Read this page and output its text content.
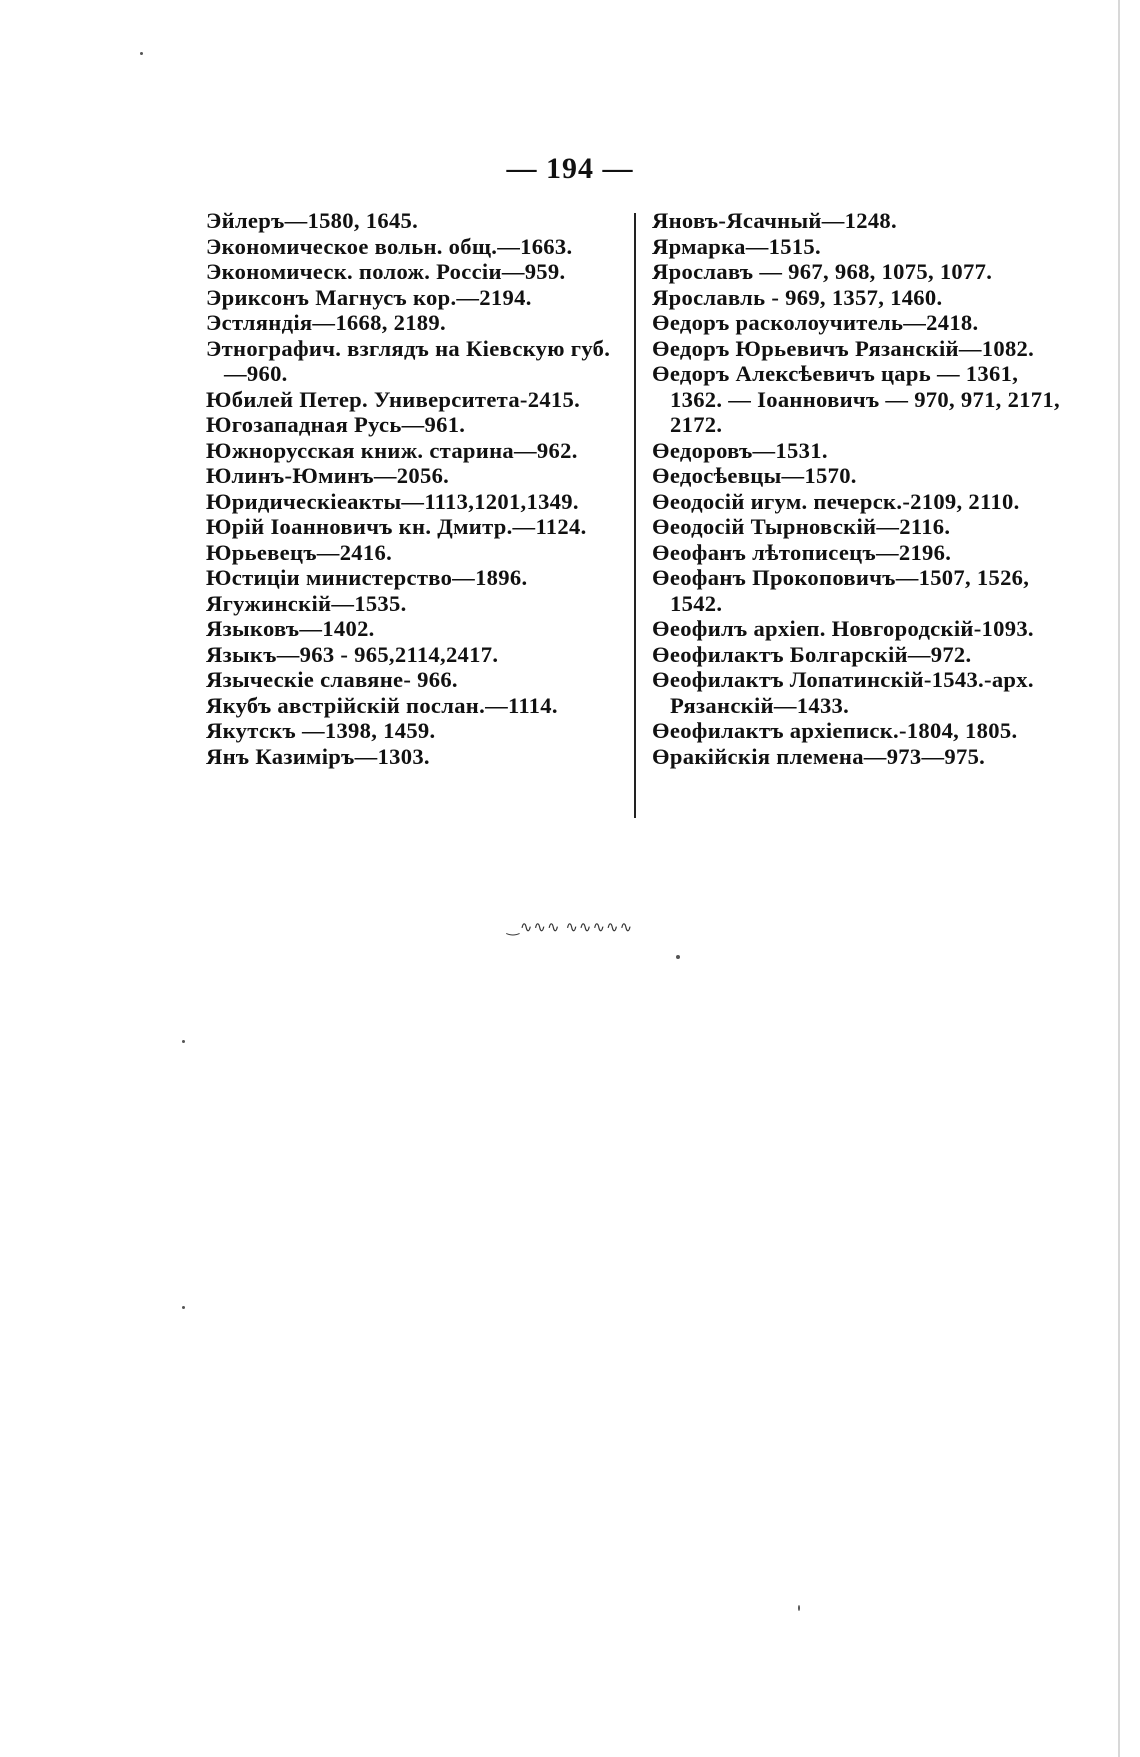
— 194 —
Эйлеръ—1580, 1645.
Экономическое вольн. общ.—1663.
Экономическ. полож. Россiи—959.
Эриксонъ Магнусъ кор.—2194.
Эстляндiя—1668, 2189.
Этнографич. взглядъ на Кiевскую губ.—960.
Юбилей Петер. Университета-2415.
Югозападная Русь—961.
Южнорусская книж. старина—962.
Юлинъ-Юминъ—2056.
Юридическiеакты—1113,1201,1349.
Юрiй Iоанновичъ кн. Дмитр.—1124.
Юрьевецъ—2416.
Юстицiи министерство—1896.
Ягужинскiй—1535.
Языковъ—1402.
Языкъ—963 - 965,2114,2417.
Языческiе славяне- 966.
Якубъ австрiйскiй послан.—1114.
Якутскъ —1398, 1459.
Янъ Казимiръ—1303.
Яновъ-Ясачный—1248.
Ярмарка—1515.
Ярославъ — 967, 968, 1075, 1077.
Ярославль - 969, 1357, 1460.
Өедоръ расколоучитель—2418.
Өедоръ Юрьевичъ Рязанскiй—1082.
Өедоръ Алексѣевичъ царь — 1361, 1362. — Iоанновичъ — 970, 971, 2171, 2172.
Өедоровъ—1531.
Өедосѣевцы—1570.
Өеодосiй игум. печерск.-2109, 2110.
Өеодосiй Тырновскiй—2116.
Өеофанъ лѣтописецъ—2196.
Өеофанъ Прокоповичъ—1507, 1526, 1542.
Өеофилъ архiеп. Новгородскiй-1093.
Өеофилактъ Болгарскiй—972.
Өеофилактъ Лопатинскiй-1543.-арх. Рязанскiй—1433.
Өеофилактъ архiеписк.-1804, 1805.
Өракiйскiя племена—973—975.
‿∿∿∿ ∿∿∿∿∿
